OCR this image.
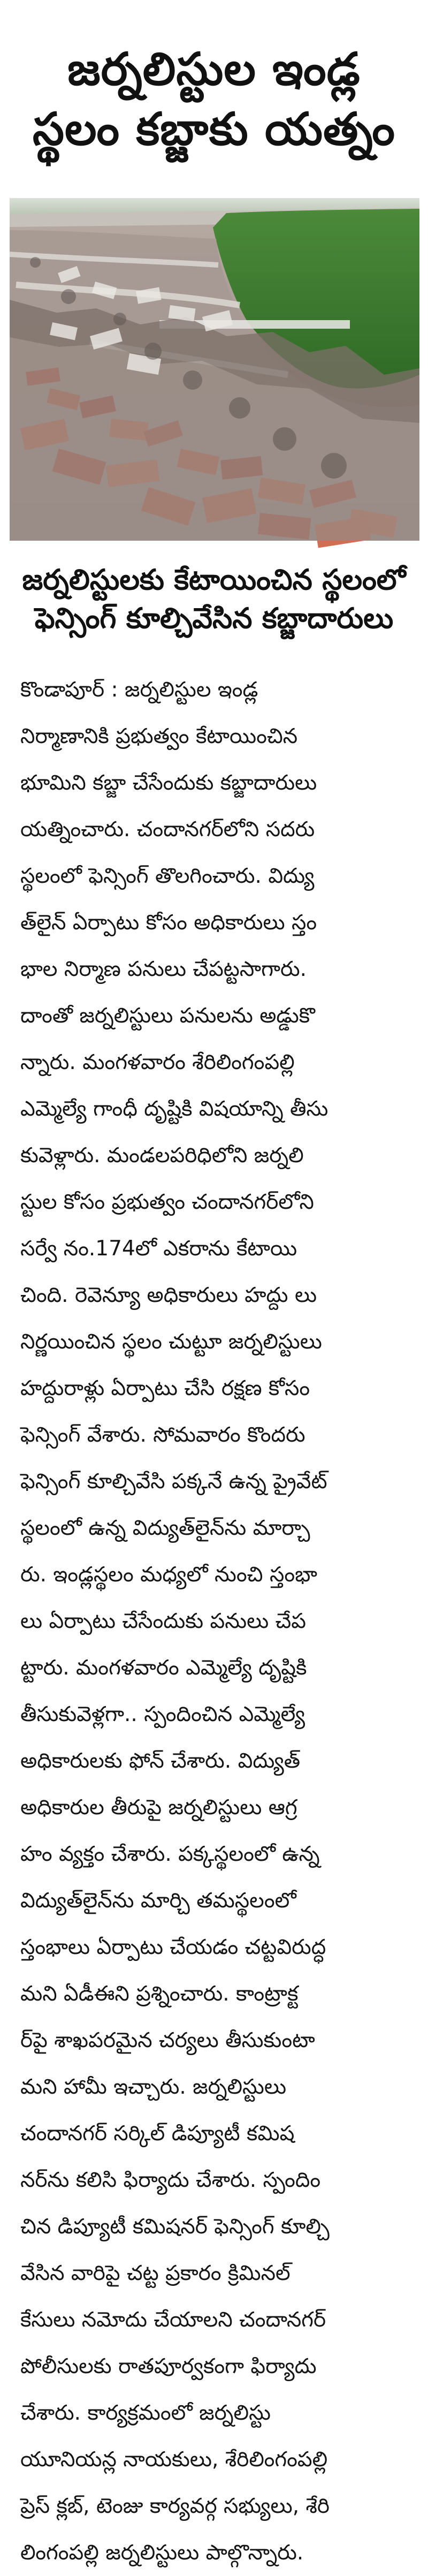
జర్నలిస్టుల ఇండ్ల
స్థలం కబ్జాకు యత్నం
జర్నలిస్టులకు కేటాయించిన స్థలంలో
ఫెన్సింగ్ కూల్చివేసిన కబ్జాదారులు
కొండాపూర్ : జర్నలిస్టుల ఇండ్ల
నిర్మాణానికి ప్రభుత్వం కేటాయించిన
భూమిని కబ్జా చేసేందుకు కబ్జాదారులు
యత్నించారు. చందానగర్‌లోని సదరు
స్థలంలో ఫెన్సింగ్ తొలగించారు. విద్యు
త్‌లైన్ ఏర్పాటు కోసం అధికారులు స్తం
భాల నిర్మాణ పనులు చేపట్టసాగారు.
దాంతో జర్నలిస్టులు పనులను అడ్డుకొ
న్నారు. మంగళవారం శేరిలింగంపల్లి
ఎమ్మెల్యే గాంధీ దృష్టికి విషయాన్ని తీసు
కువెళ్లారు. మండలపరిధిలోని జర్నలి
స్టుల కోసం ప్రభుత్వం చందానగర్‌లోని
సర్వే నం.174లో ఎకరాను కేటాయి
చింది. రెవెన్యూ అధికారులు హద్దు లు
నిర్ణయించిన స్థలం చుట్టూ జర్నలిస్టులు
హద్దురాళ్లు ఏర్పాటు చేసి రక్షణ కోసం
ఫెన్సింగ్ వేశారు. సోమవారం కొందరు
ఫెన్సింగ్ కూల్చివేసి పక్కనే ఉన్న ప్రైవేట్
స్థలంలో ఉన్న విద్యుత్‌లైన్‌ను మార్చా
రు. ఇండ్లస్థలం మధ్యలో నుంచి స్తంభా
లు ఏర్పాటు చేసేందుకు పనులు చేప
ట్టారు. మంగళవారం ఎమ్మెల్యే దృష్టికి
తీసుకువెళ్లగా.. స్పందించిన ఎమ్మెల్యే
అధికారులకు ఫోన్ చేశారు. విద్యుత్
అధికారుల తీరుపై జర్నలిస్టులు ఆగ్ర
హం వ్యక్తం చేశారు. పక్కస్థలంలో ఉన్న
విద్యుత్‌లైన్‌ను మార్చి తమస్థలంలో
స్తంభాలు ఏర్పాటు చేయడం చట్టవిరుద్ధ
మని ఏడీఈని ప్రశ్నించారు. కాంట్రాక్ట
ర్‌పై శాఖపరమైన చర్యలు తీసుకుంటా
మని హామీ ఇచ్చారు. జర్నలిస్టులు
చందానగర్ సర్కిల్ డిప్యూటీ కమిష
నర్‌ను కలిసి ఫిర్యాదు చేశారు. స్పందిం
చిన డిప్యూటీ కమిషనర్ ఫెన్సింగ్ కూల్చి
వేసిన వారిపై చట్ట ప్రకారం క్రిమినల్
కేసులు నమోదు చేయాలని చందానగర్
పోలీసులకు రాతపూర్వకంగా ఫిర్యాదు
చేశారు. కార్యక్రమంలో జర్నలిస్టు
యూనియన్ల నాయకులు, శేరిలింగంపల్లి
ప్రెస్ క్లబ్, టెంజు కార్యవర్గ సభ్యులు, శేరి
లింగంపల్లి జర్నలిస్టులు పాల్గొన్నారు.
